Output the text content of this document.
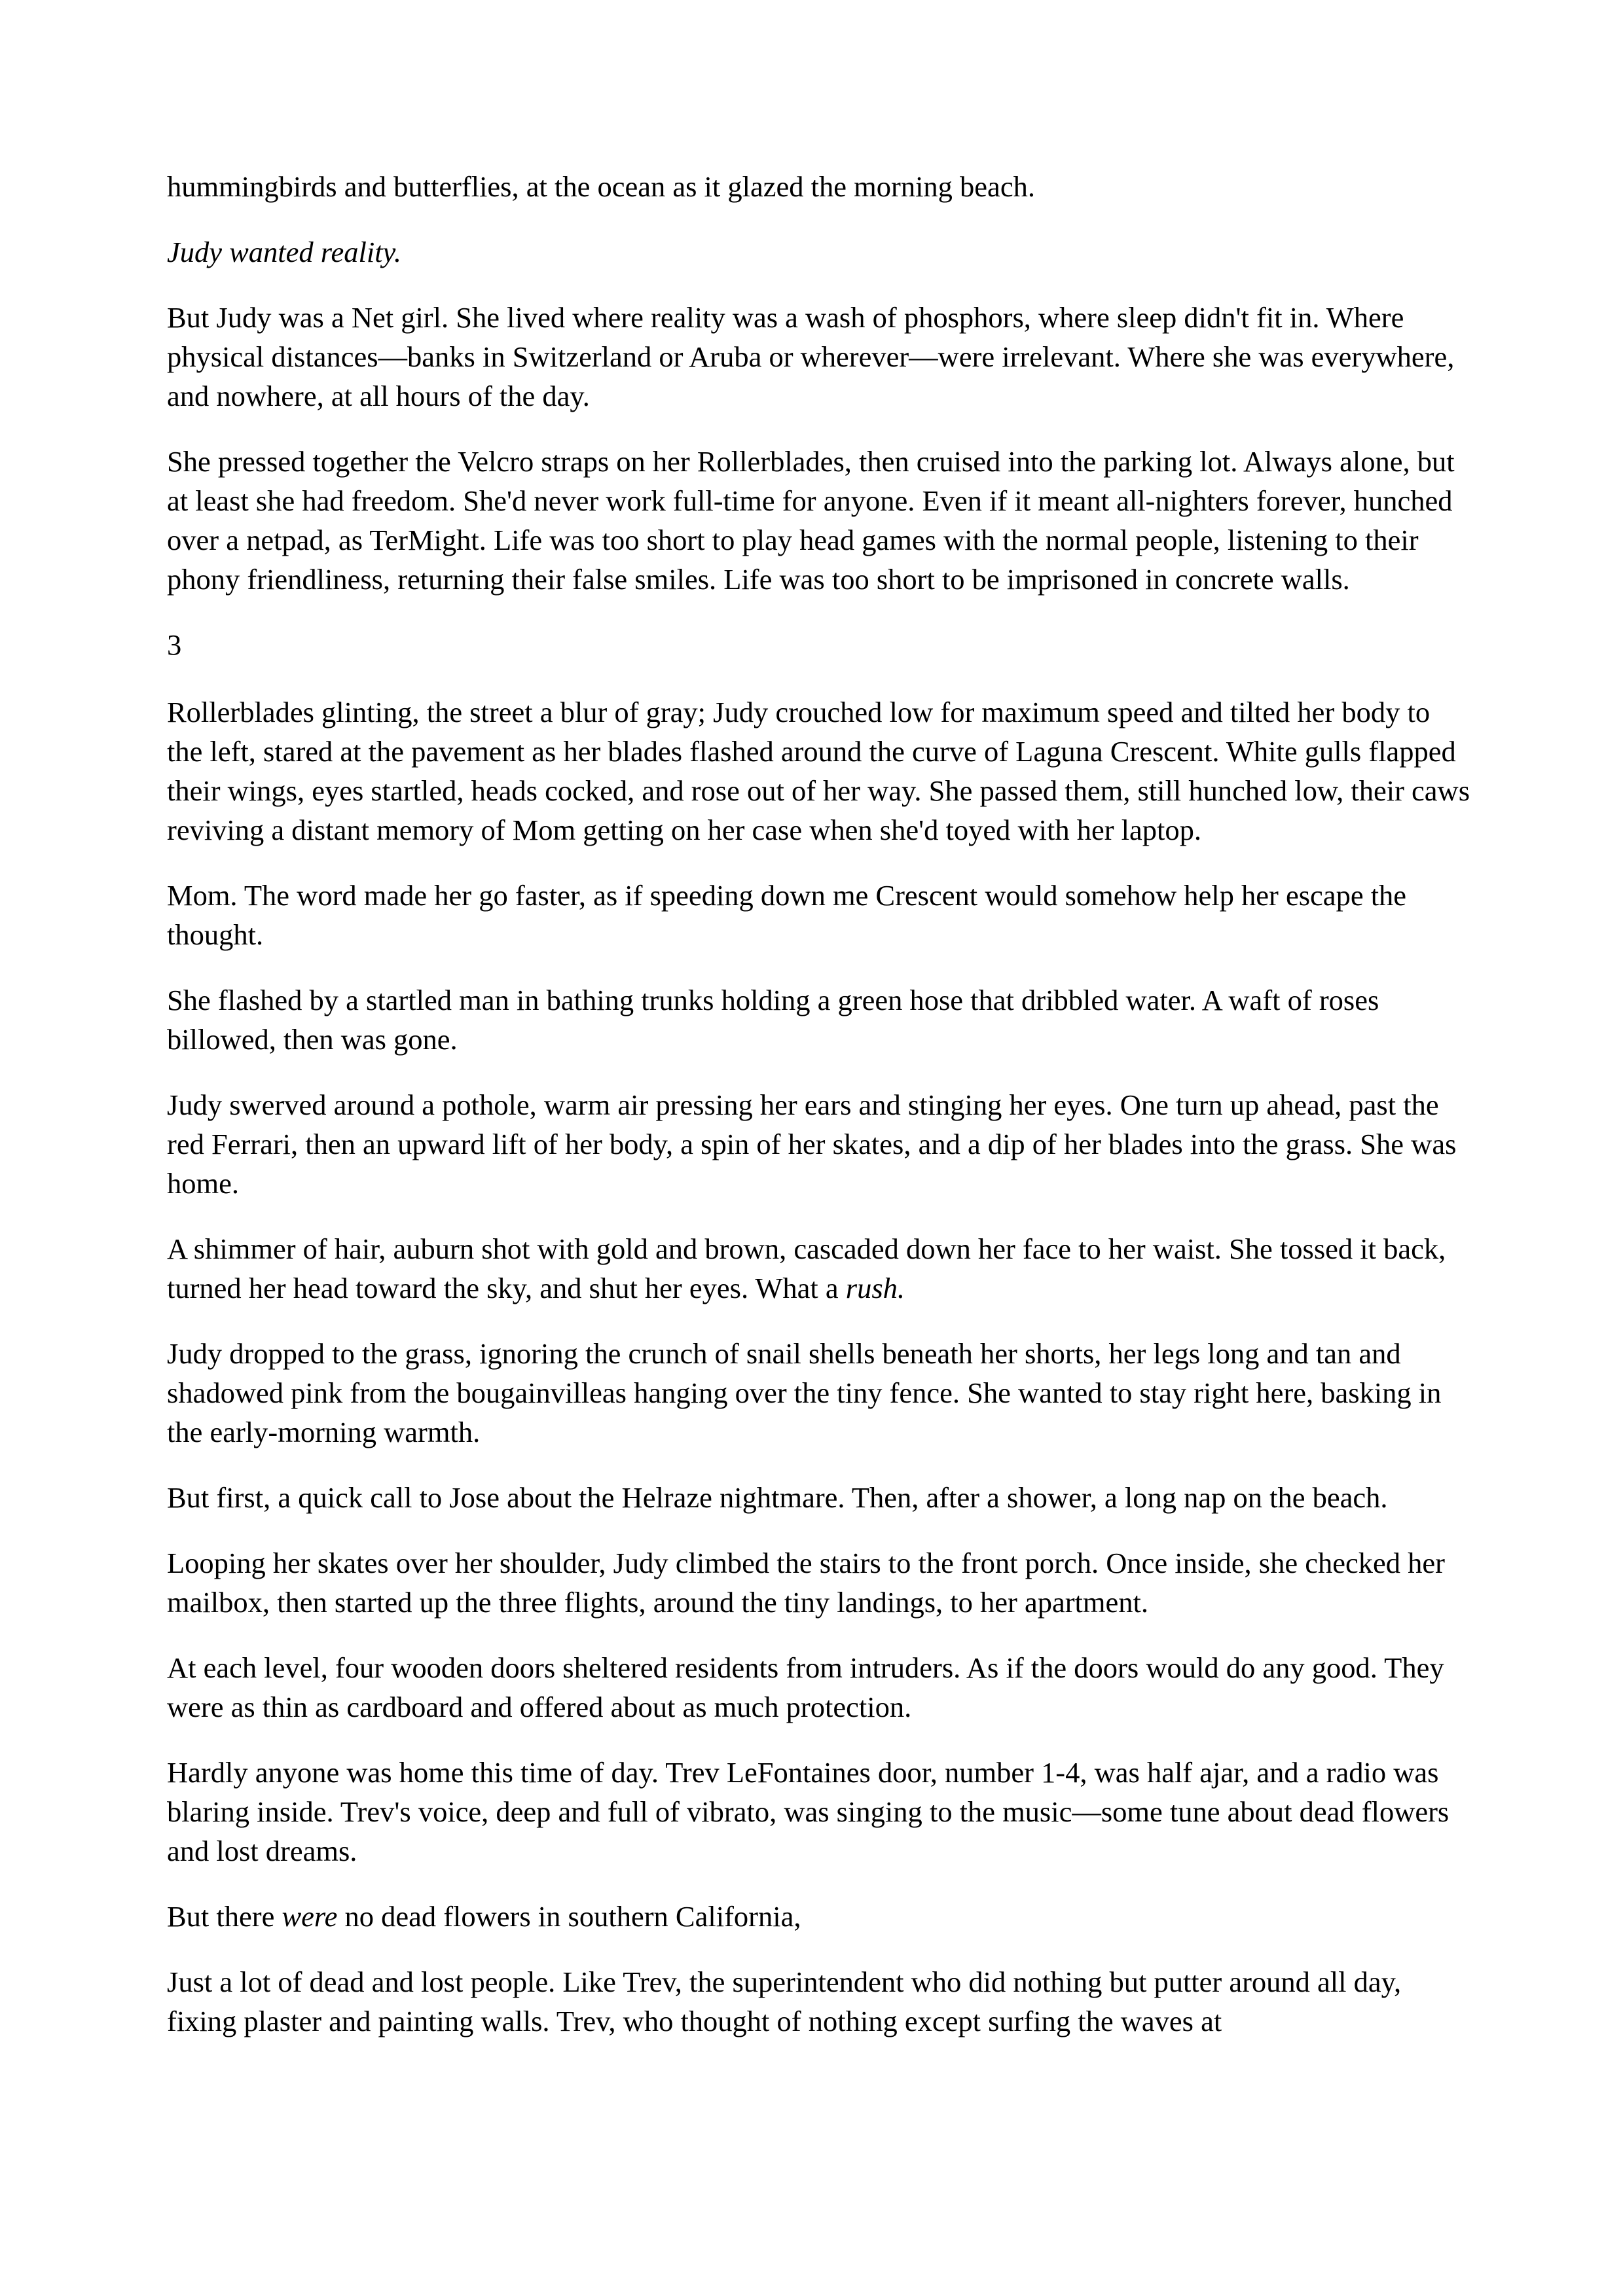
hummingbirds and butterflies, at the ocean as it glazed the morning beach.

Judy wanted reality.

But Judy was a Net girl. She lived where reality was a wash of phosphors, where sleep didn't fit in. Where physical distances—banks in Switzerland or Aruba or wherever—were irrelevant. Where she was everywhere, and nowhere, at all hours of the day.

She pressed together the Velcro straps on her Rollerblades, then cruised into the parking lot. Always alone, but at least she had freedom. She'd never work full-time for anyone. Even if it meant all-nighters forever, hunched over a netpad, as TerMight. Life was too short to play head games with the normal people, listening to their phony friendliness, returning their false smiles. Life was too short to be imprisoned in concrete walls.

3

Rollerblades glinting, the street a blur of gray; Judy crouched low for maximum speed and tilted her body to the left, stared at the pavement as her blades flashed around the curve of Laguna Crescent. White gulls flapped their wings, eyes startled, heads cocked, and rose out of her way. She passed them, still hunched low, their caws reviving a distant memory of Mom getting on her case when she'd toyed with her laptop.

Mom. The word made her go faster, as if speeding down me Crescent would somehow help her escape the thought.

She flashed by a startled man in bathing trunks holding a green hose that dribbled water. A waft of roses billowed, then was gone.

Judy swerved around a pothole, warm air pressing her ears and stinging her eyes. One turn up ahead, past the red Ferrari, then an upward lift of her body, a spin of her skates, and a dip of her blades into the grass. She was home.

A shimmer of hair, auburn shot with gold and brown, cascaded down her face to her waist. She tossed it back, turned her head toward the sky, and shut her eyes. What a rush.

Judy dropped to the grass, ignoring the crunch of snail shells beneath her shorts, her legs long and tan and shadowed pink from the bougainvilleas hanging over the tiny fence. She wanted to stay right here, basking in the early-morning warmth.

But first, a quick call to Jose about the Helraze nightmare. Then, after a shower, a long nap on the beach.

Looping her skates over her shoulder, Judy climbed the stairs to the front porch. Once inside, she checked her mailbox, then started up the three flights, around the tiny landings, to her apartment.

At each level, four wooden doors sheltered residents from intruders. As if the doors would do any good. They were as thin as cardboard and offered about as much protection.

Hardly anyone was home this time of day. Trev LeFontaines door, number 1-4, was half ajar, and a radio was blaring inside. Trev's voice, deep and full of vibrato, was singing to the music—some tune about dead flowers and lost dreams.

But there were no dead flowers in southern California,

Just a lot of dead and lost people. Like Trev, the superintendent who did nothing but putter around all day, fixing plaster and painting walls. Trev, who thought of nothing except surfing the waves at
